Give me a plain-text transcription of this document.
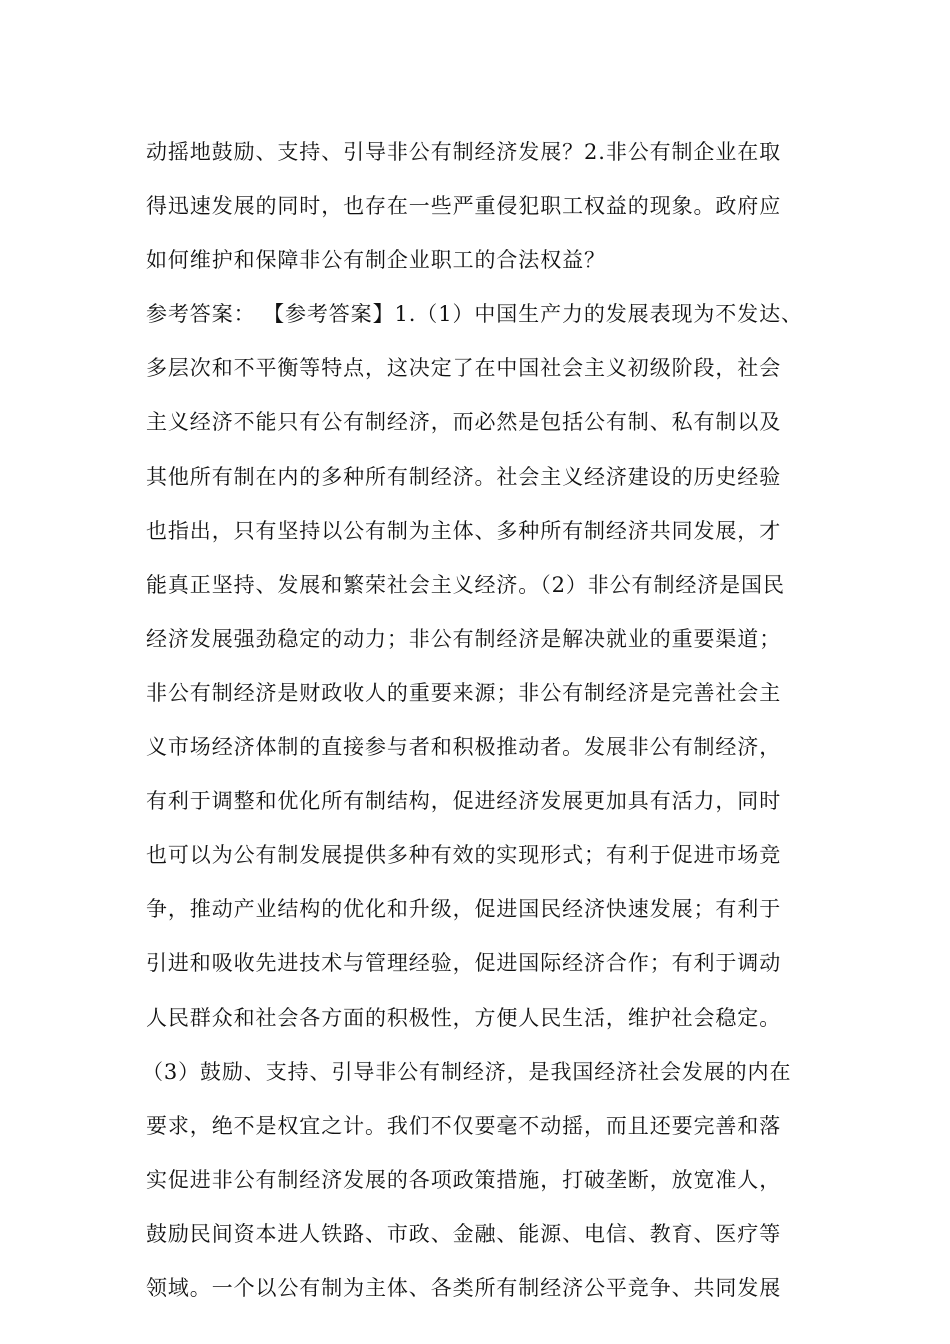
动摇地鼓励、支持、引导非公有制经济发展？2.非公有制企业在取
得迅速发展的同时，也存在一些严重侵犯职工权益的现象。政府应
如何维护和保障非公有制企业职工的合法权益？
参考答案： 【参考答案】1.（1）中国生产力的发展表现为不发达、
多层次和不平衡等特点，这决定了在中国社会主义初级阶段，社会
主义经济不能只有公有制经济，而必然是包括公有制、私有制以及
其他所有制在内的多种所有制经济。社会主义经济建设的历史经验
也指出，只有坚持以公有制为主体、多种所有制经济共同发展，才
能真正坚持、发展和繁荣社会主义经济。（2）非公有制经济是国民
经济发展强劲稳定的动力；非公有制经济是解决就业的重要渠道；
非公有制经济是财政收人的重要来源；非公有制经济是完善社会主
义市场经济体制的直接参与者和积极推动者。发展非公有制经济，
有利于调整和优化所有制结构，促进经济发展更加具有活力，同时
也可以为公有制发展提供多种有效的实现形式；有利于促进市场竞
争，推动产业结构的优化和升级，促进国民经济快速发展；有利于
引进和吸收先进技术与管理经验，促进国际经济合作；有利于调动
人民群众和社会各方面的积极性，方便人民生活，维护社会稳定。
（3）鼓励、支持、引导非公有制经济，是我国经济社会发展的内在
要求，绝不是权宜之计。我们不仅要毫不动摇，而且还要完善和落
实促进非公有制经济发展的各项政策措施，打破垄断，放宽准人，
鼓励民间资本进人铁路、市政、金融、能源、电信、教育、医疗等
领域。一个以公有制为主体、各类所有制经济公平竞争、共同发展
